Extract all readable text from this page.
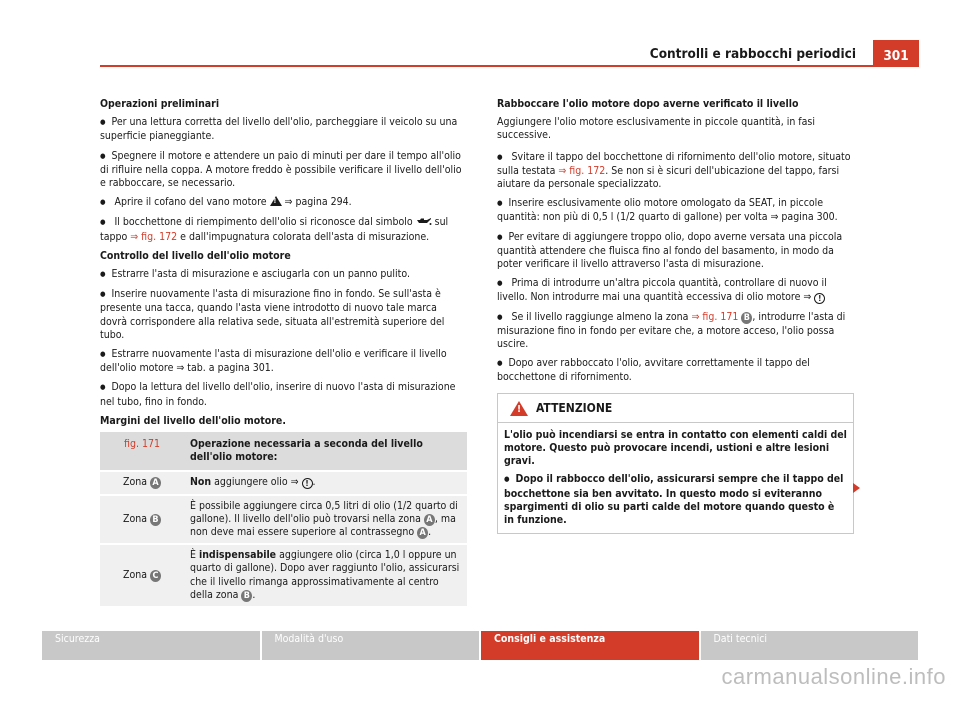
Controlli e rabbocchi periodici	301

Operazioni preliminari

● Per una lettura corretta del livello dell'olio, parcheggiare il veicolo su una superficie pianeggiante.

● Spegnere il motore e attendere un paio di minuti per dare il tempo all'olio di rifluire nella coppa. A motore freddo è possibile verificare il livello dell'olio e rabboccare, se necessario.

● Aprire il cofano del vano motore ! ⇒ pagina 294.

● Il bocchettone di riempimento dell'olio si riconosce dal simbolo sul tappo ⇒ fig. 172 e dall'impugnatura colorata dell'asta di misurazione.

Controllo del livello dell'olio motore

● Estrarre l'asta di misurazione e asciugarla con un panno pulito.

● Inserire nuovamente l'asta di misurazione fino in fondo. Se sull'asta è presente una tacca, quando l'asta viene introdotto di nuovo tale marca dovrà corrispondere alla relativa sede, situata all'estremità superiore del tubo.

● Estrarre nuovamente l'asta di misurazione dell'olio e verificare il livello dell'olio motore ⇒ tab. a pagina 301.

● Dopo la lettura del livello dell'olio, inserire di nuovo l'asta di misurazione nel tubo, fino in fondo.

Margini del livello dell'olio motore.

fig. 171	Operazione necessaria a seconda del livello dell'olio motore:
Zona A	Non aggiungere olio ⇒ ! .
Zona B	È possibile aggiungere circa 0,5 litri di olio (1/2 quarto di gallone). Il livello dell'olio può trovarsi nella zona A , ma non deve mai essere superiore al contrassegno A .
Zona C	È indispensabile aggiungere olio (circa 1,0 l oppure un quarto di gallone). Dopo aver raggiunto l'olio, assicurarsi che il livello rimanga approssimativamente al centro della zona B .

Rabboccare l'olio motore dopo averne verificato il livello

Aggiungere l'olio motore esclusivamente in piccole quantità, in fasi successive.

● Svitare il tappo del bocchettone di rifornimento dell'olio motore, situato sulla testata ⇒ fig. 172. Se non si è sicuri dell'ubicazione del tappo, farsi aiutare da personale specializzato.

● Inserire esclusivamente olio motore omologato da SEAT, in piccole quantità: non più di 0,5 l (1/2 quarto di gallone) per volta ⇒ pagina 300.

● Per evitare di aggiungere troppo olio, dopo averne versata una piccola quantità attendere che fluisca fino al fondo del basamento, in modo da poter verificare il livello attraverso l'asta di misurazione.

● Prima di introdurre un'altra piccola quantità, controllare di nuovo il livello. Non introdurre mai una quantità eccessiva di olio motore ⇒ !

● Se il livello raggiunge almeno la zona ⇒ fig. 171 B , introdurre l'asta di misurazione fino in fondo per evitare che, a motore acceso, l'olio possa uscire.

● Dopo aver rabboccato l'olio, avvitare correttamente il tappo del bocchettone di rifornimento.

!
ATTENZIONE

L'olio può incendiarsi se entra in contatto con elementi caldi del motore. Questo può provocare incendi, ustioni e altre lesioni gravi.

● Dopo il rabbocco dell'olio, assicurarsi sempre che il tappo del bocchettone sia ben avvitato. In questo modo si eviteranno spargimenti di olio su parti calde del motore quando questo è in funzione.

Sicurezza	Modalità d'uso	Consigli e assistenza	Dati tecnici
carmanualsonline.info
